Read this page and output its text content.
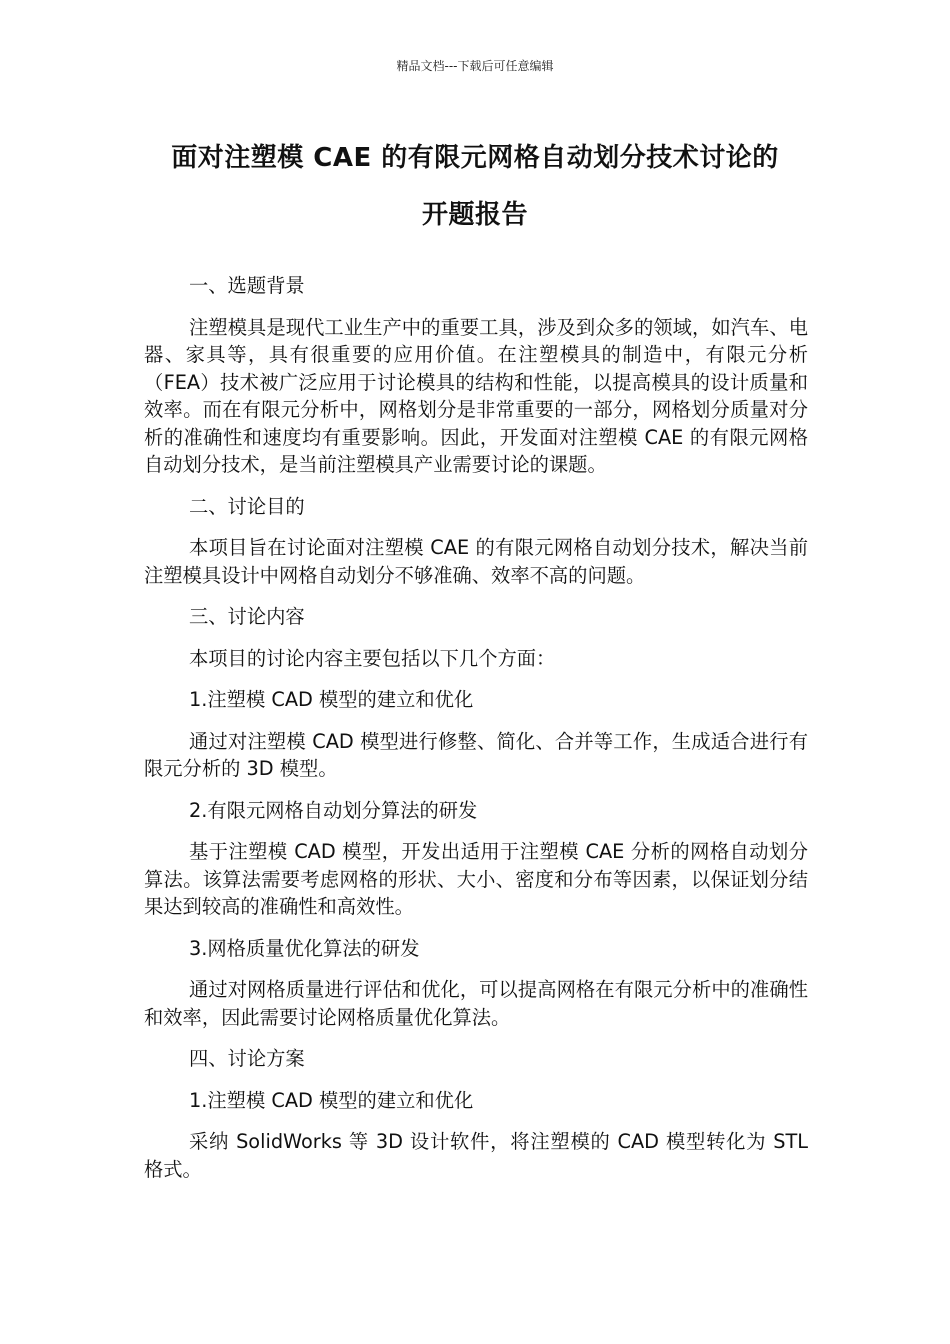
精品文档---下载后可任意编辑
面对注塑模 CAE 的有限元网格自动划分技术讨论的
开题报告

一、选题背景

注塑模具是现代工业生产中的重要工具，涉及到众多的领域，如汽车、电器、家具等，具有很重要的应用价值。在注塑模具的制造中，有限元分析（FEA）技术被广泛应用于讨论模具的结构和性能，以提高模具的设计质量和效率。而在有限元分析中，网格划分是非常重要的一部分，网格划分质量对分析的准确性和速度均有重要影响。因此，开发面对注塑模 CAE 的有限元网格自动划分技术，是当前注塑模具产业需要讨论的课题。

二、讨论目的

本项目旨在讨论面对注塑模 CAE 的有限元网格自动划分技术，解决当前注塑模具设计中网格自动划分不够准确、效率不高的问题。

三、讨论内容

本项目的讨论内容主要包括以下几个方面：

1.注塑模 CAD 模型的建立和优化

通过对注塑模 CAD 模型进行修整、简化、合并等工作，生成适合进行有限元分析的 3D 模型。

2.有限元网格自动划分算法的研发

基于注塑模 CAD 模型，开发出适用于注塑模 CAE 分析的网格自动划分算法。该算法需要考虑网格的形状、大小、密度和分布等因素，以保证划分结果达到较高的准确性和高效性。

3.网格质量优化算法的研发

通过对网格质量进行评估和优化，可以提高网格在有限元分析中的准确性和效率，因此需要讨论网格质量优化算法。

四、讨论方案

1.注塑模 CAD 模型的建立和优化

采纳 SolidWorks 等 3D 设计软件，将注塑模的 CAD 模型转化为 STL 格式。
